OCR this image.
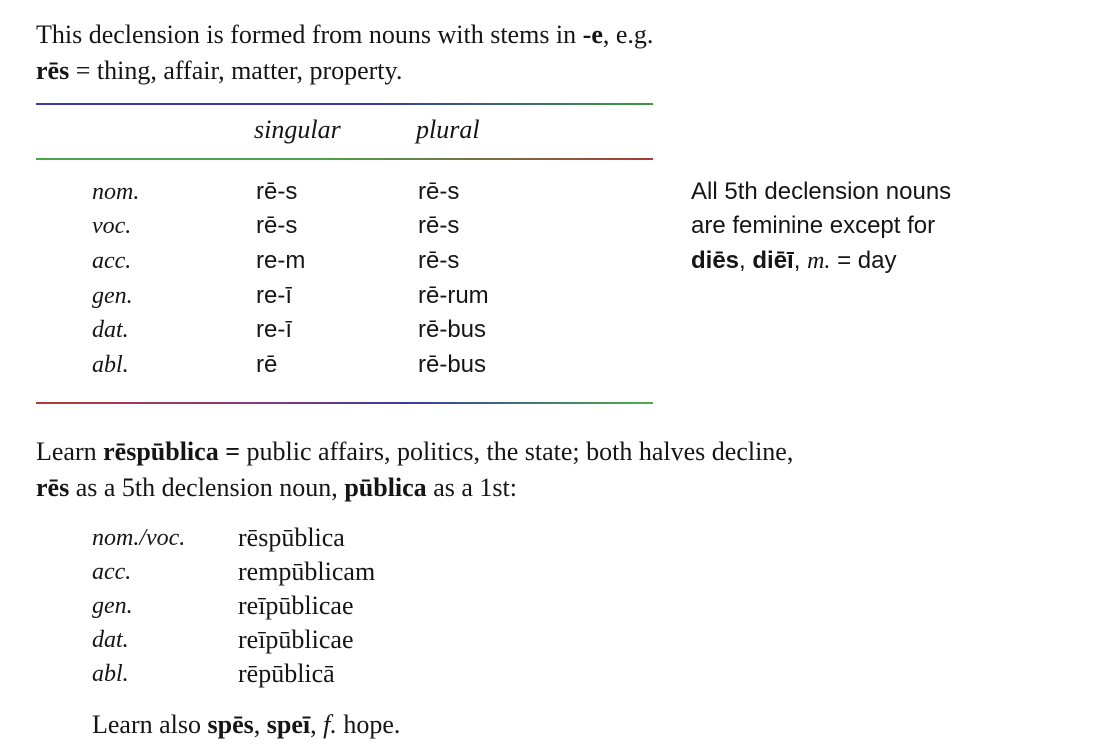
This declension is formed from nouns with stems in -e, e.g.
rēs = thing, affair, matter, property.
singular	plural
nom.	rē-s	rē-s
voc.	rē-s	rē-s
acc.	re-m	rē-s
gen.	re-ī	rē-rum
dat.	re-ī	rē-bus
abl.	rē	rē-bus
All 5th declension nouns
are feminine except for
diēs, diēī, m. = day
Learn rēspūblica = public affairs, politics, the state; both halves decline,
rēs as a 5th declension noun, pūblica as a 1st:
nom./voc. rēspūblica
acc.	rempūblicam
gen.	reīpūblicae
dat.	reīpūblicae
abl.	rēpūblicā
Learn also spēs, speī, f. hope.
